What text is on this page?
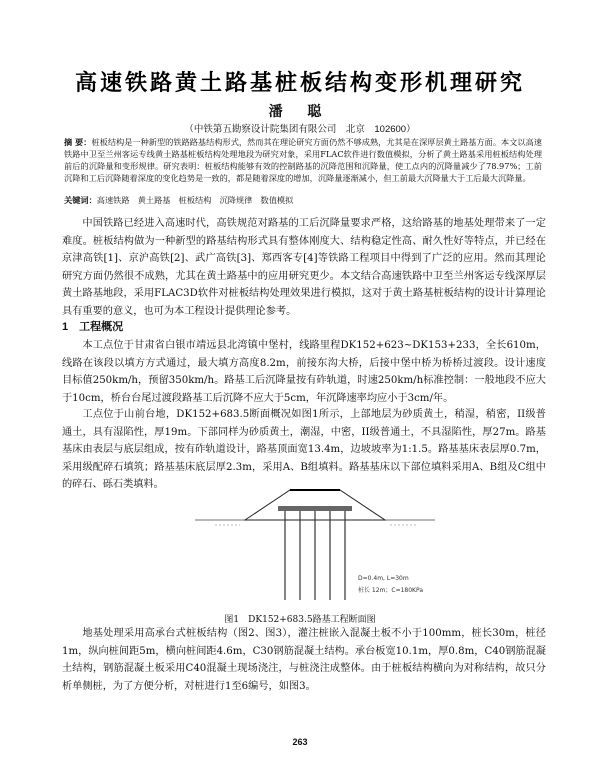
高速铁路黄土路基桩板结构变形机理研究
潘 聪
（中铁第五勘察设计院集团有限公司　北京　102600）
摘 要：桩板结构是一种新型的铁路路基结构形式，然而其在理论研究方面仍然不够成熟，尤其是在深厚层黄土路基方面。本文以高速铁路中卫至兰州客运专线黄土路基桩板结构处理地段为研究对象，采用FLAC软件进行数值模拟，分析了黄土路基采用桩板结构处理前后的沉降量和变形规律。研究表明：桩板结构能够有效的控制路基的沉降范围和沉降量，使工点内的沉降量减少了78.97%；工前沉降和工后沉降随着深度的变化趋势是一致的，都是随着深度的增加，沉降量逐渐减小，但工前最大沉降量大于工后最大沉降量。
关键词：高速铁路　黄土路基　桩板结构　沉降规律　数值模拟

中国铁路已经进入高速时代，高铁规范对路基的工后沉降量要求严格，这给路基的地基处理带来了一定难度。桩板结构做为一种新型的路基结构形式具有整体刚度大、结构稳定性高、耐久性好等特点，并已经在京津高铁[1]、京沪高铁[2]、武广高铁[3]、郑西客专[4]等铁路工程项目中得到了广泛的应用。然而其理论研究方面仍然很不成熟，尤其在黄土路基中的应用研究更少。本文结合高速铁路中卫至兰州客运专线深厚层黄土路基地段，采用FLAC3D软件对桩板结构处理效果进行模拟，这对于黄土路基桩板结构的设计计算理论具有重要的意义，也可为本工程设计提供理论参考。

1　工程概况

本工点位于甘肃省白银市靖远县北湾镇中堡村，线路里程DK152+623~DK153+233，全长610m，线路在该段以填方方式通过，最大填方高度8.2m，前接东沟大桥，后接中堡中桥为桥桥过渡段。设计速度目标值250km/h，预留350km/h。路基工后沉降量按有砟轨道，时速250km/h标准控制：一般地段不应大于10cm，桥台台尾过渡段路基工后沉降不应大于5cm，年沉降速率均应小于3cm/年。

工点位于山前台地，DK152+683.5断面概况如图1所示，上部地层为砂质黄土，稍湿，稍密，II级普通土，具有湿陷性，厚19m。下部同样为砂质黄土，潮湿，中密，II级普通土，不具湿陷性，厚27m。路基基床由表层与底层组成，按有砟轨道设计，路基顶面宽13.4m，边坡坡率为1:1.5。路基基床表层厚0.7m，采用级配碎石填筑；路基基床底层厚2.3m，采用A、B组填料。路基基床以下部位填料采用A、B组及C组中的碎石、砾石类填料。

D=0.4m, L=30m
桩长 12m；C=180KPa
图1　DK152+683.5路基工程断面图

地基处理采用高承台式桩板结构（图2、图3），灌注桩嵌入混凝土板不小于100mm，桩长30m，桩径1m，纵向桩间距5m，横向桩间距4.6m，C30钢筋混凝土结构。承台板宽10.1m，厚0.8m，C40钢筋混凝土结构，钢筋混凝土板采用C40混凝土现场浇注，与桩浇注成整体。由于桩板结构横向为对称结构，故只分析单侧桩，为了方便分析，对桩进行1至6编号，如图3。

263
